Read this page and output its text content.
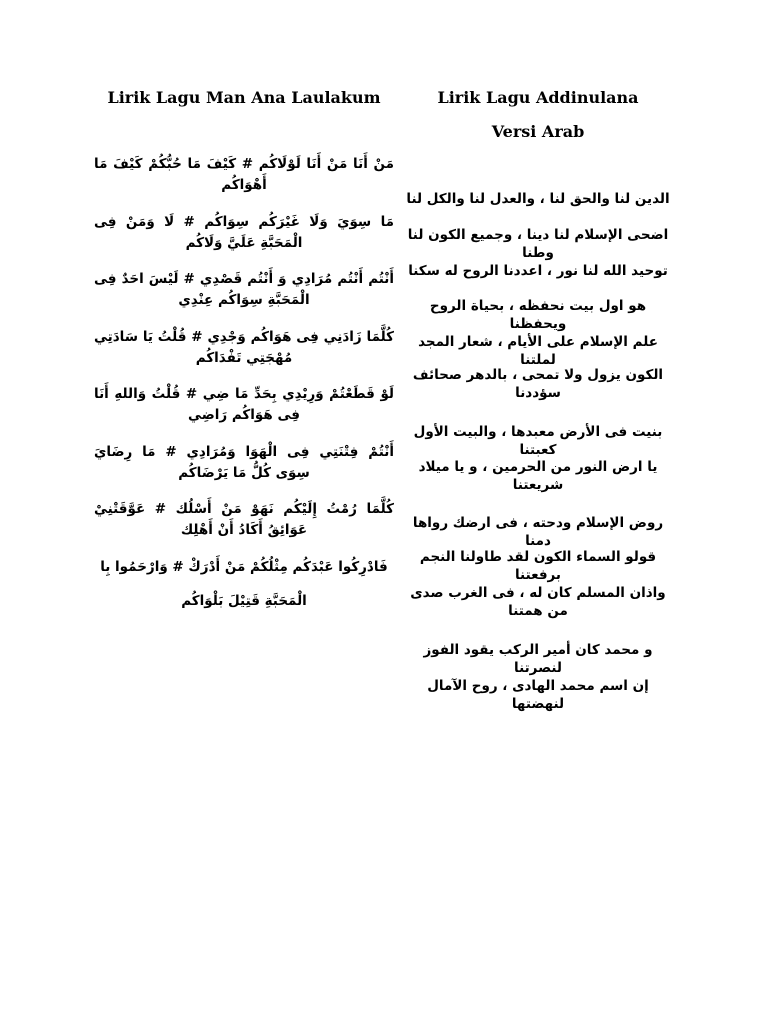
Lirik Lagu Man Ana Laulakum
مَنْ أَنَا مَنْ أَنَا لَوْلَاكُم # كَيْفَ مَا حُبُّكُمْ كَيْفَ مَا أَهْوَاكُم
مَا سِوَيَ وَلَا غَيْرَكُم سِوَاكُم # لَا وَمَنْ فِى الْمَحَبَّةِ عَلَيَّ وَلَاكُم
أَنْتُم أَنْتُم مُرَادِي وَ أَنْتُم قَصْدِي # لَيْسَ احَدٌ فِى الْمَحَبَّةِ سِوَاكُم عِنْدِي
كُلَّمَا زَادَنِي فِى هَوَاكُم وَجْدِي # قُلْتُ يَا سَادَتِي مُهْجَتِي تَفْدَاكُم
لَوْ قَطَعْتُمْ وَرِيْدِي بِحَدِّ مَا ضِي # قُلْتُ وَاللهِ أَنَا فِى هَوَاكُم رَاضِي
أَنْتُمْ فِتْنَتِي فِى الْهَوَا وَمُرَادِي # مَا رِضَايَ سِوَى كُلُّ مَا يَرْضَاكُم
كُلَّمَا رُمْتُ إِلَيْكُم نَهَوْ مَنْ أَسْلُك # عَوَّقَتْنِيْ عَوَائِقُ أَكَادُ أَنْ أَهْلِك
فَادْرِكُوا عَبْدَكُم مِثْلُكُمْ مَنْ أَدْرَكْ # وَارْحَمُوا بِا
الْمَحَبَّةِ قَتِيْلَ بَلْوَاكُم
Lirik Lagu Addinulana
Versi Arab
الدين لنا والحق لنا ، والعدل لنا والكل لنا
اضحى الإسلام لنا دينا ، وجميع الكون لنا وطنا
توحيد الله لنا نور ، اعددنا الروح له سكنا
هو اول بيت نحفظه ، بحياة الروح ويحفظنا
علم الإسلام على الأيام ، شعار المجد لملتنا
الكون يزول ولا تمحى ، بالدهر صحائف سؤددنا
بنيت فى الأرض معبدها ، والبيت الأول كعبتنا
يا ارض النور من الحرمين ، و يا ميلاد شريعتنا
روض الإسلام ودحته ، فى ارضك رواها دمنا
قولو السماء الكون لقد طاولنا النجم برفعتنا
واذان المسلم كان له ، فى الغرب صدى من همتنا
و محمد كان أمير الركب يقود الفوز لنصرتنا
إن اسم محمد الهادى ، روح الآمال لنهضتها
